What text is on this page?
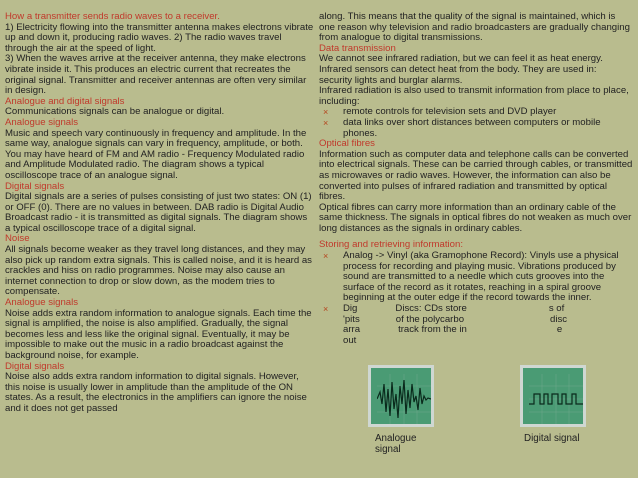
How a transmitter sends radio waves to a receiver.

1) Electricity flowing into the transmitter antenna makes electrons vibrate up and down it, producing radio waves. 2) The radio waves travel through the air at the speed of light.

3) When the waves arrive at the receiver antenna, they make electrons vibrate inside it. This produces an electric current that recreates the original signal. Transmitter and receiver antennas are often very similar in design.

Analogue and digital signals

Communications signals can be analogue or digital.

Analogue signals

Music and speech vary continuously in frequency and amplitude. In the same way, analogue signals can vary in frequency, amplitude, or both. You may have heard of FM and AM radio - Frequency Modulated radio and Amplitude Modulated radio. The diagram shows a typical oscilloscope trace of an analogue signal.

Digital signals

Digital signals are a series of pulses consisting of just two states: ON (1) or OFF (0). There are no values in between. DAB radio is Digital Audio Broadcast radio - it is transmitted as digital signals. The diagram shows a typical oscilloscope trace of a digital signal.

Noise

All signals become weaker as they travel long distances, and they may also pick up random extra signals. This is called noise, and it is heard as crackles and hiss on radio programmes. Noise may also cause an internet connection to drop or slow down, as the modem tries to compensate.

Analogue signals

Noise adds extra random information to analogue signals. Each time the signal is amplified, the noise is also amplified. Gradually, the signal becomes less and less like the original signal. Eventually, it may be impossible to make out the music in a radio broadcast against the background noise, for example.

Digital signals

Noise also adds extra random information to digital signals. However, this noise is usually lower in amplitude than the amplitude of the ON states. As a result, the electronics in the amplifiers can ignore the noise and it does not get passed

along. This means that the quality of the signal is maintained, which is one reason why television and radio broadcasters are gradually changing from analogue to digital transmissions.

Data transmission

We cannot see infrared radiation, but we can feel it as heat energy. Infrared sensors can detect heat from the body. They are used in:

security lights and burglar alarms.

Infrared radiation is also used to transmit information from place to place, including:

× remote controls for television sets and DVD player

× data links over short distances between computers or mobile phones.

Optical fibres

Information such as computer data and telephone calls can be converted into electrical signals. These can be carried through cables, or transmitted as microwaves or radio waves. However, the information can also be converted into pulses of infrared radiation and transmitted by optical fibres.

Optical fibres can carry more information than an ordinary cable of the same thickness. The signals in optical fibres do not weaken as much over long distances as the signals in ordinary cables.

Storing and retrieving information:

× Analog -> Vinyl (aka Gramophone Record): Vinyls use a physical process for recording and playing music. Vibrations produced by sound are transmitted to a needle which cuts grooves into the surface of the record as it rotates, reaching in a spiral groove beginning at the outer edge if the record towards the inner.

× Dig	Discs: CDs store	s of

'pits	of the polycarbo	disc

arra	track from the in	e

out

Analogue
signal
Digital signal
